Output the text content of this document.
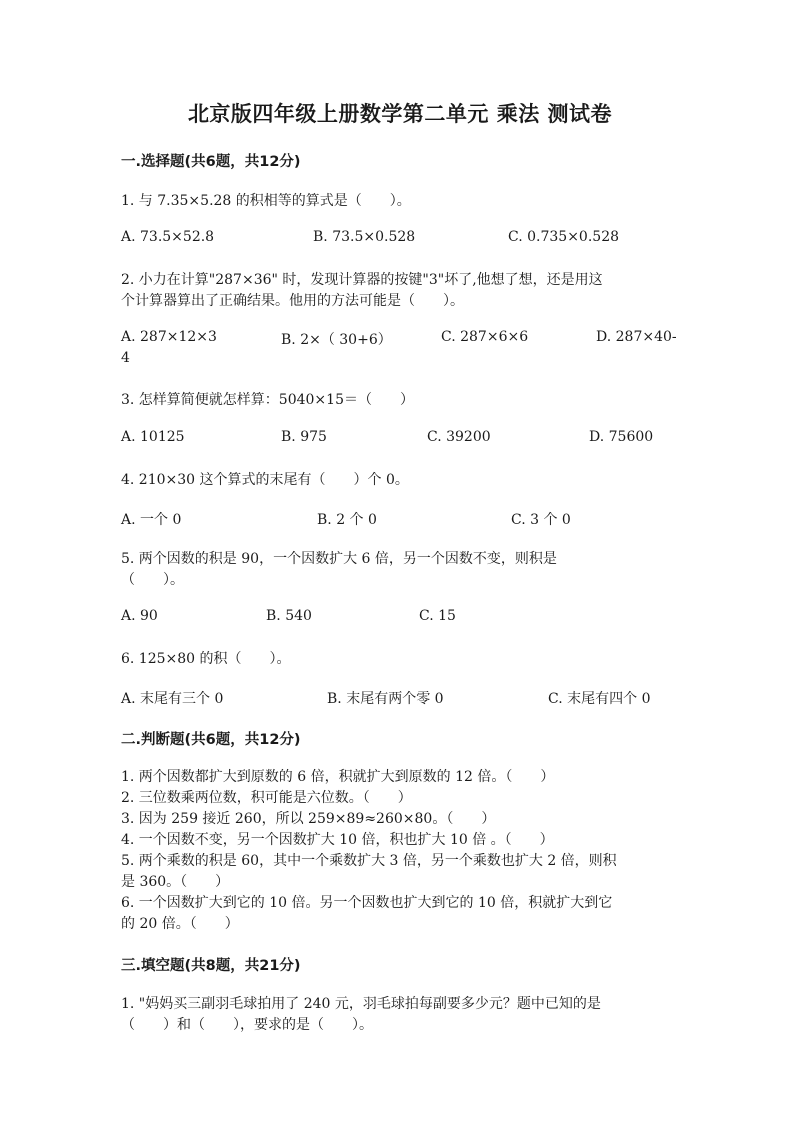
北京版四年级上册数学第二单元 乘法 测试卷
一.选择题(共6题，共12分)
1. 与 7.35×5.28 的积相等的算式是（　　）。
A. 73.5×52.8	B. 73.5×0.528	C. 0.735×0.528
2. 小力在计算"287×36" 时，发现计算器的按键"3"坏了,他想了想，还是用这
个计算器算出了正确结果。他用的方法可能是（　　）。
A. 287×12×3	B. 2×（ 30+6）	C. 287×6×6	D. 287×40-
4
3. 怎样算简便就怎样算：5040×15＝（　　）
A. 10125	B. 975	C. 39200	D. 75600
4. 210×30 这个算式的末尾有（　　）个 0。
A. 一个 0	B. 2 个 0	C. 3 个 0
5. 两个因数的积是 90，一个因数扩大 6 倍，另一个因数不变，则积是
（　　）。
A. 90	B. 540	C. 15
6. 125×80 的积（　　）。
A. 末尾有三个 0	B. 末尾有两个零 0	C. 末尾有四个 0
二.判断题(共6题，共12分)
1. 两个因数都扩大到原数的 6 倍，积就扩大到原数的 12 倍。（　　）
2. 三位数乘两位数，积可能是六位数。（　　）
3. 因为 259 接近 260，所以 259×89≈260×80。（　　）
4. 一个因数不变，另一个因数扩大 10 倍，积也扩大 10 倍 。（　　）
5. 两个乘数的积是 60，其中一个乘数扩大 3 倍，另一个乘数也扩大 2 倍，则积
是 360。（　　）
6. 一个因数扩大到它的 10 倍。另一个因数也扩大到它的 10 倍，积就扩大到它
的 20 倍。（　　）
三.填空题(共8题，共21分)
1. "妈妈买三副羽毛球拍用了 240 元，羽毛球拍每副要多少元？题中已知的是
（　　）和（　　），要求的是（　　）。
